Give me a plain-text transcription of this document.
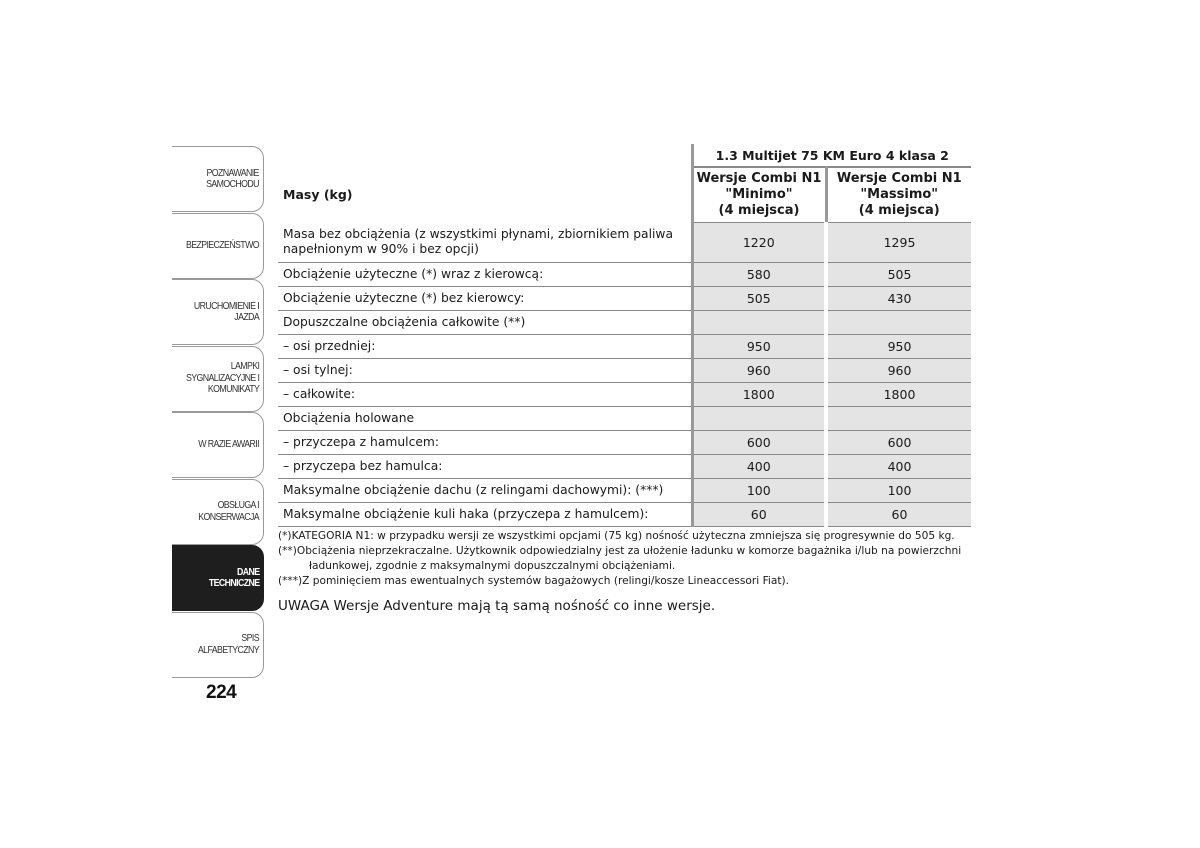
POZNAWANIE
SAMOCHODU
BEZPIECZEŃSTWO
URUCHOMIENIE I
JAZDA
LAMPKI
SYGNALIZACYJNE I
KOMUNIKATY
W RAZIE AWARII
OBSŁUGA I
KONSERWACJA
DANE
TECHNICZNE
SPIS ALFABETYCZNY
224
	1.3 Multijet 75 KM Euro 4 klasa 2	
Masy (kg)	Wersje Combi N1
"Minimo"
(4 miejsca)	Wersje Combi N1
"Massimo"
(4 miejsca)
Masa bez obciążenia (z wszystkimi płynami, zbiornikiem paliwa napełnionym w 90% i bez opcji)	1220	1295
Obciążenie użyteczne (*) wraz z kierowcą:	580	505
Obciążenie użyteczne (*) bez kierowcy:	505	430
Dopuszczalne obciążenia całkowite (**)		
– osi przedniej:	950	950
– osi tylnej:	960	960
– całkowite:	1800	1800
Obciążenia holowane		
– przyczepa z hamulcem:	600	600
– przyczepa bez hamulca:	400	400
Maksymalne obciążenie dachu (z relingami dachowymi): (***)	100	100
Maksymalne obciążenie kuli haka (przyczepa z hamulcem):	60	60

(*)KATEGORIA N1: w przypadku wersji ze wszystkimi opcjami (75 kg) nośność użyteczna zmniejsza się progresywnie do 505 kg.

(**)Obciążenia nieprzekraczalne. Użytkownik odpowiedzialny jest za ułożenie ładunku w komorze bagażnika i/lub na powierzchni

ładunkowej, zgodnie z maksymalnymi dopuszczalnymi obciążeniami.

(***)Z pominięciem mas ewentualnych systemów bagażowych (relingi/kosze Lineaccessori Fiat).

UWAGA Wersje Adventure mają tą samą nośność co inne wersje.
